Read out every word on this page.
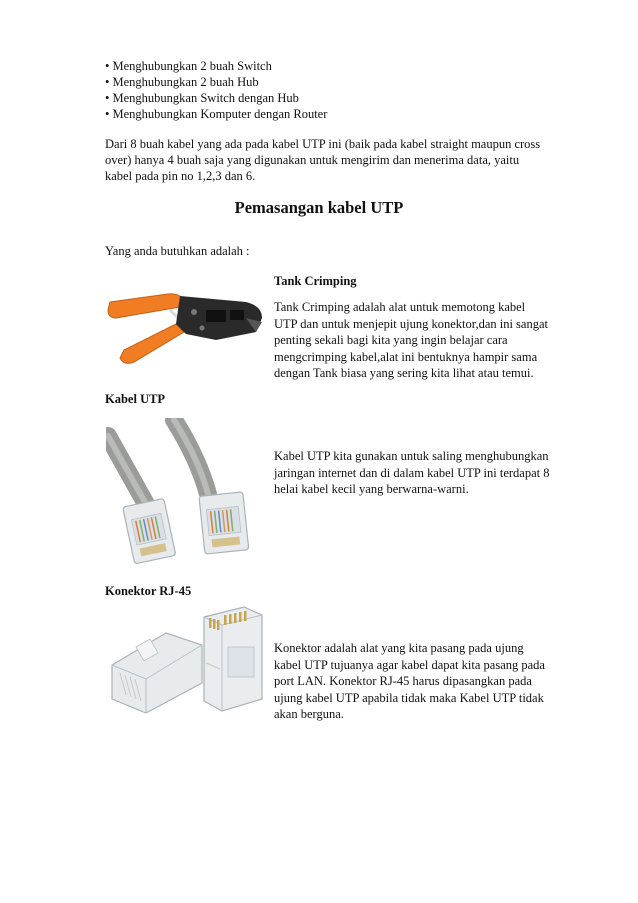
• Menghubungkan 2 buah Switch
• Menghubungkan 2 buah Hub
• Menghubungkan Switch dengan Hub
• Menghubungkan Komputer dengan Router
Dari 8 buah kabel yang ada pada kabel UTP ini (baik pada kabel straight maupun cross
over) hanya 4 buah saja yang digunakan untuk mengirim dan menerima data, yaitu
kabel pada pin no 1,2,3 dan 6.
Pemasangan kabel UTP
Yang anda butuhkan adalah :
Tank Crimping
Tank Crimping adalah alat untuk memotong kabel
UTP dan untuk menjepit ujung konektor,dan ini sangat
penting sekali bagi kita yang ingin belajar cara
mengcrimping kabel,alat ini bentuknya hampir sama
dengan Tank biasa yang sering kita lihat atau temui.
Kabel UTP
Kabel UTP kita gunakan untuk saling menghubungkan
jaringan internet dan di dalam kabel UTP ini terdapat 8
helai kabel kecil yang berwarna-warni.
Konektor RJ-45
Konektor adalah alat yang kita pasang pada ujung
kabel UTP tujuanya agar kabel dapat kita pasang pada
port LAN. Konektor RJ-45 harus dipasangkan pada
ujung kabel UTP apabila tidak maka Kabel UTP tidak
akan berguna.
